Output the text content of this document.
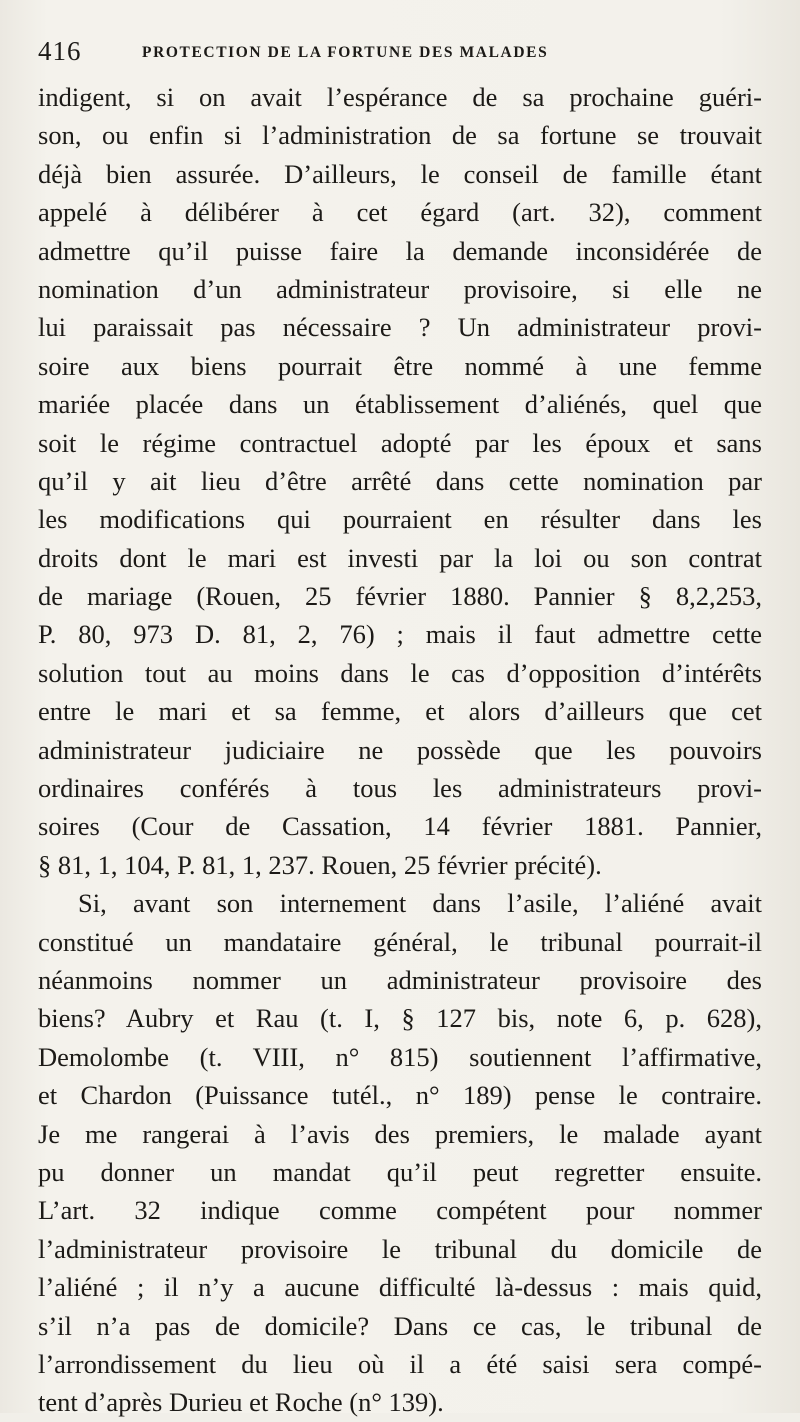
416	PROTECTION DE LA FORTUNE DES MALADES
indigent, si on avait l’espérance de sa prochaine guéri-
son, ou enfin si l’administration de sa fortune se trouvait
déjà bien assurée. D’ailleurs, le conseil de famille étant
appelé à délibérer à cet égard (art. 32), comment
admettre qu’il puisse faire la demande inconsidérée de
nomination d’un administrateur provisoire, si elle ne
lui paraissait pas nécessaire ? Un administrateur provi-
soire aux biens pourrait être nommé à une femme
mariée placée dans un établissement d’aliénés, quel que
soit le régime contractuel adopté par les époux et sans
qu’il y ait lieu d’être arrêté dans cette nomination par
les modifications qui pourraient en résulter dans les
droits dont le mari est investi par la loi ou son contrat
de mariage (Rouen, 25 février 1880. Pannier § 8,2,253,
P. 80, 973 D. 81, 2, 76) ; mais il faut admettre cette
solution tout au moins dans le cas d’opposition d’intérêts
entre le mari et sa femme, et alors d’ailleurs que cet
administrateur judiciaire ne possède que les pouvoirs
ordinaires conférés à tous les administrateurs provi-
soires (Cour de Cassation, 14 février 1881. Pannier,
§ 81, 1, 104, P. 81, 1, 237. Rouen, 25 février précité).
Si, avant son internement dans l’asile, l’aliéné avait
constitué un mandataire général, le tribunal pourrait-il
néanmoins nommer un administrateur provisoire des
biens? Aubry et Rau (t. I, § 127 bis, note 6, p. 628),
Demolombe (t. VIII, n° 815) soutiennent l’affirmative,
et Chardon (Puissance tutél., n° 189) pense le contraire.
Je me rangerai à l’avis des premiers, le malade ayant
pu donner un mandat qu’il peut regretter ensuite.
L’art. 32 indique comme compétent pour nommer
l’administrateur provisoire le tribunal du domicile de
l’aliéné ; il n’y a aucune difficulté là-dessus : mais quid,
s’il n’a pas de domicile? Dans ce cas, le tribunal de
l’arrondissement du lieu où il a été saisi sera compé-
tent d’après Durieu et Roche (n° 139).
